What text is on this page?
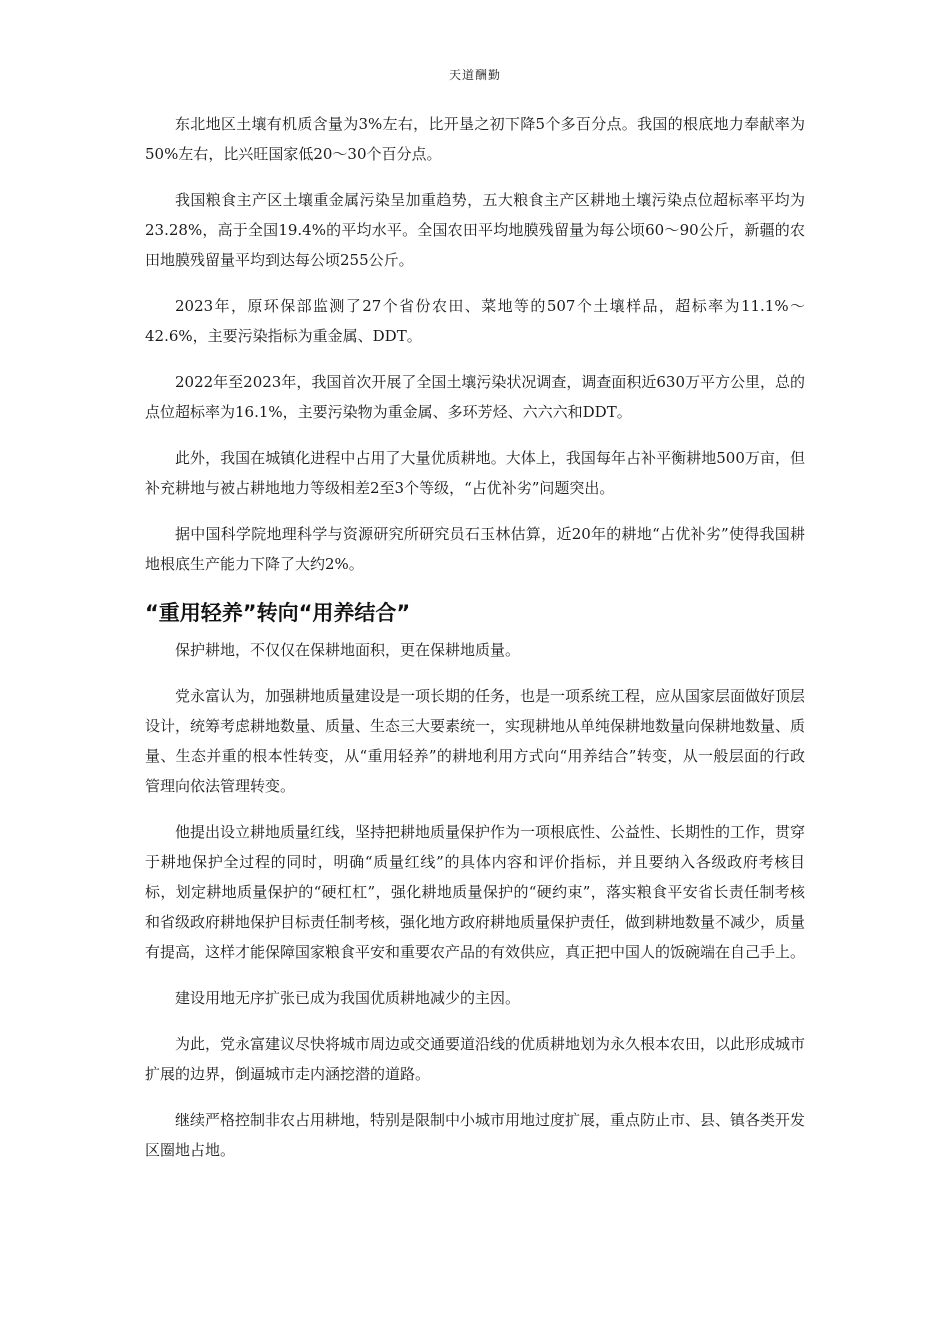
天道酬勤

东北地区土壤有机质含量为3%左右，比开垦之初下降5个多百分点。我国的根底地力奉献率为50%左右，比兴旺国家低20～30个百分点。

我国粮食主产区土壤重金属污染呈加重趋势，五大粮食主产区耕地土壤污染点位超标率平均为23.28%，高于全国19.4%的平均水平。全国农田平均地膜残留量为每公顷60～90公斤，新疆的农田地膜残留量平均到达每公顷255公斤。

2023年，原环保部监测了27个省份农田、菜地等的507个土壤样品，超标率为11.1%～42.6%，主要污染指标为重金属、DDT。

2022年至2023年，我国首次开展了全国土壤污染状况调查，调查面积近630万平方公里，总的点位超标率为16.1%，主要污染物为重金属、多环芳烃、六六六和DDT。

此外，我国在城镇化进程中占用了大量优质耕地。大体上，我国每年占补平衡耕地500万亩，但补充耕地与被占耕地地力等级相差2至3个等级，“占优补劣”问题突出。

据中国科学院地理科学与资源研究所研究员石玉林估算，近20年的耕地“占优补劣”使得我国耕地根底生产能力下降了大约2%。

“重用轻养”转向“用养结合”

保护耕地，不仅仅在保耕地面积，更在保耕地质量。

党永富认为，加强耕地质量建设是一项长期的任务，也是一项系统工程，应从国家层面做好顶层设计，统筹考虑耕地数量、质量、生态三大要素统一，实现耕地从单纯保耕地数量向保耕地数量、质量、生态并重的根本性转变，从“重用轻养”的耕地利用方式向“用养结合”转变，从一般层面的行政管理向依法管理转变。

他提出设立耕地质量红线，坚持把耕地质量保护作为一项根底性、公益性、长期性的工作，贯穿于耕地保护全过程的同时，明确“质量红线”的具体内容和评价指标，并且要纳入各级政府考核目标，划定耕地质量保护的“硬杠杠”，强化耕地质量保护的“硬约束”，落实粮食平安省长责任制考核和省级政府耕地保护目标责任制考核，强化地方政府耕地质量保护责任，做到耕地数量不减少，质量有提高，这样才能保障国家粮食平安和重要农产品的有效供应，真正把中国人的饭碗端在自己手上。

建设用地无序扩张已成为我国优质耕地减少的主因。

为此，党永富建议尽快将城市周边或交通要道沿线的优质耕地划为永久根本农田，以此形成城市扩展的边界，倒逼城市走内涵挖潜的道路。

继续严格控制非农占用耕地，特别是限制中小城市用地过度扩展，重点防止市、县、镇各类开发区圈地占地。
